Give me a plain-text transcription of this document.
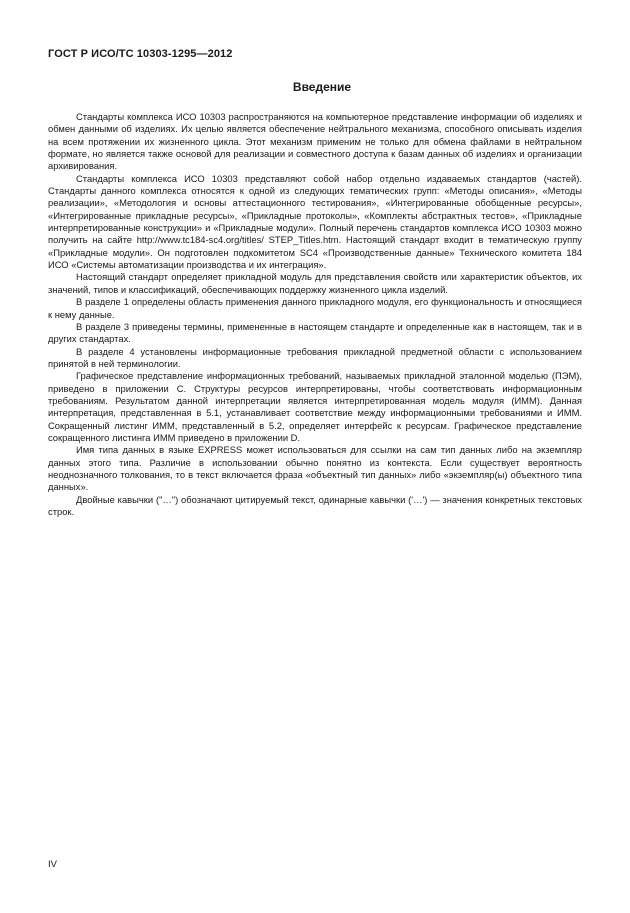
ГОСТ Р ИСО/ТС 10303-1295—2012
Введение

Стандарты комплекса ИСО 10303 распространяются на компьютерное представление информации об изделиях и обмен данными об изделиях. Их целью является обеспечение нейтрального механизма, способного описывать изделия на всем протяжении их жизненного цикла. Этот механизм применим не только для обмена файлами в нейтральном формате, но является также основой для реализации и совместного доступа к базам данных об изделиях и организации архивирования.

Стандарты комплекса ИСО 10303 представляют собой набор отдельно издаваемых стандартов (частей). Стандарты данного комплекса относятся к одной из следующих тематических групп: «Методы описания», «Методы реализации», «Методология и основы аттестационного тестирования», «Интегрированные обобщенные ресурсы», «Интегрированные прикладные ресурсы», «Прикладные протоколы», «Комплекты абстрактных тестов», «Прикладные интерпретированные конструкции» и «Прикладные модули». Полный перечень стандартов комплекса ИСО 10303 можно получить на сайте http://www.tc184-sc4.org/titles/ STEP_Titles.htm. Настоящий стандарт входит в тематическую группу «Прикладные модули». Он подготовлен подкомитетом SC4 «Производственные данные» Технического комитета 184 ИСО «Системы автоматизации производства и их интеграция».

Настоящий стандарт определяет прикладной модуль для представления свойств или характеристик объектов, их значений, типов и классификаций, обеспечивающих поддержку жизненного цикла изделий.

В разделе 1 определены область применения данного прикладного модуля, его функциональность и относящиеся к нему данные.

В разделе 3 приведены термины, примененные в настоящем стандарте и определенные как в настоящем, так и в других стандартах.

В разделе 4 установлены информационные требования прикладной предметной области с использованием принятой в ней терминологии.

Графическое представление информационных требований, называемых прикладной эталонной моделью (ПЭМ), приведено в приложении С. Структуры ресурсов интерпретированы, чтобы соответствовать информационным требованиям. Результатом данной интерпретации является интерпретированная модель модуля (ИММ). Данная интерпретация, представленная в 5.1, устанавливает соответствие между информационными требованиями и ИММ. Сокращенный листинг ИММ, представленный в 5.2, определяет интерфейс к ресурсам. Графическое представление сокращенного листинга ИММ приведено в приложении D.

Имя типа данных в языке EXPRESS может использоваться для ссылки на сам тип данных либо на экземпляр данных этого типа. Различие в использовании обычно понятно из контекста. Если существует вероятность неоднозначного толкования, то в текст включается фраза «объектный тип данных» либо «экземпляр(ы) объектного типа данных».

Двойные кавычки ("…") обозначают цитируемый текст, одинарные кавычки ('…') — значения конкретных текстовых строк.

IV
